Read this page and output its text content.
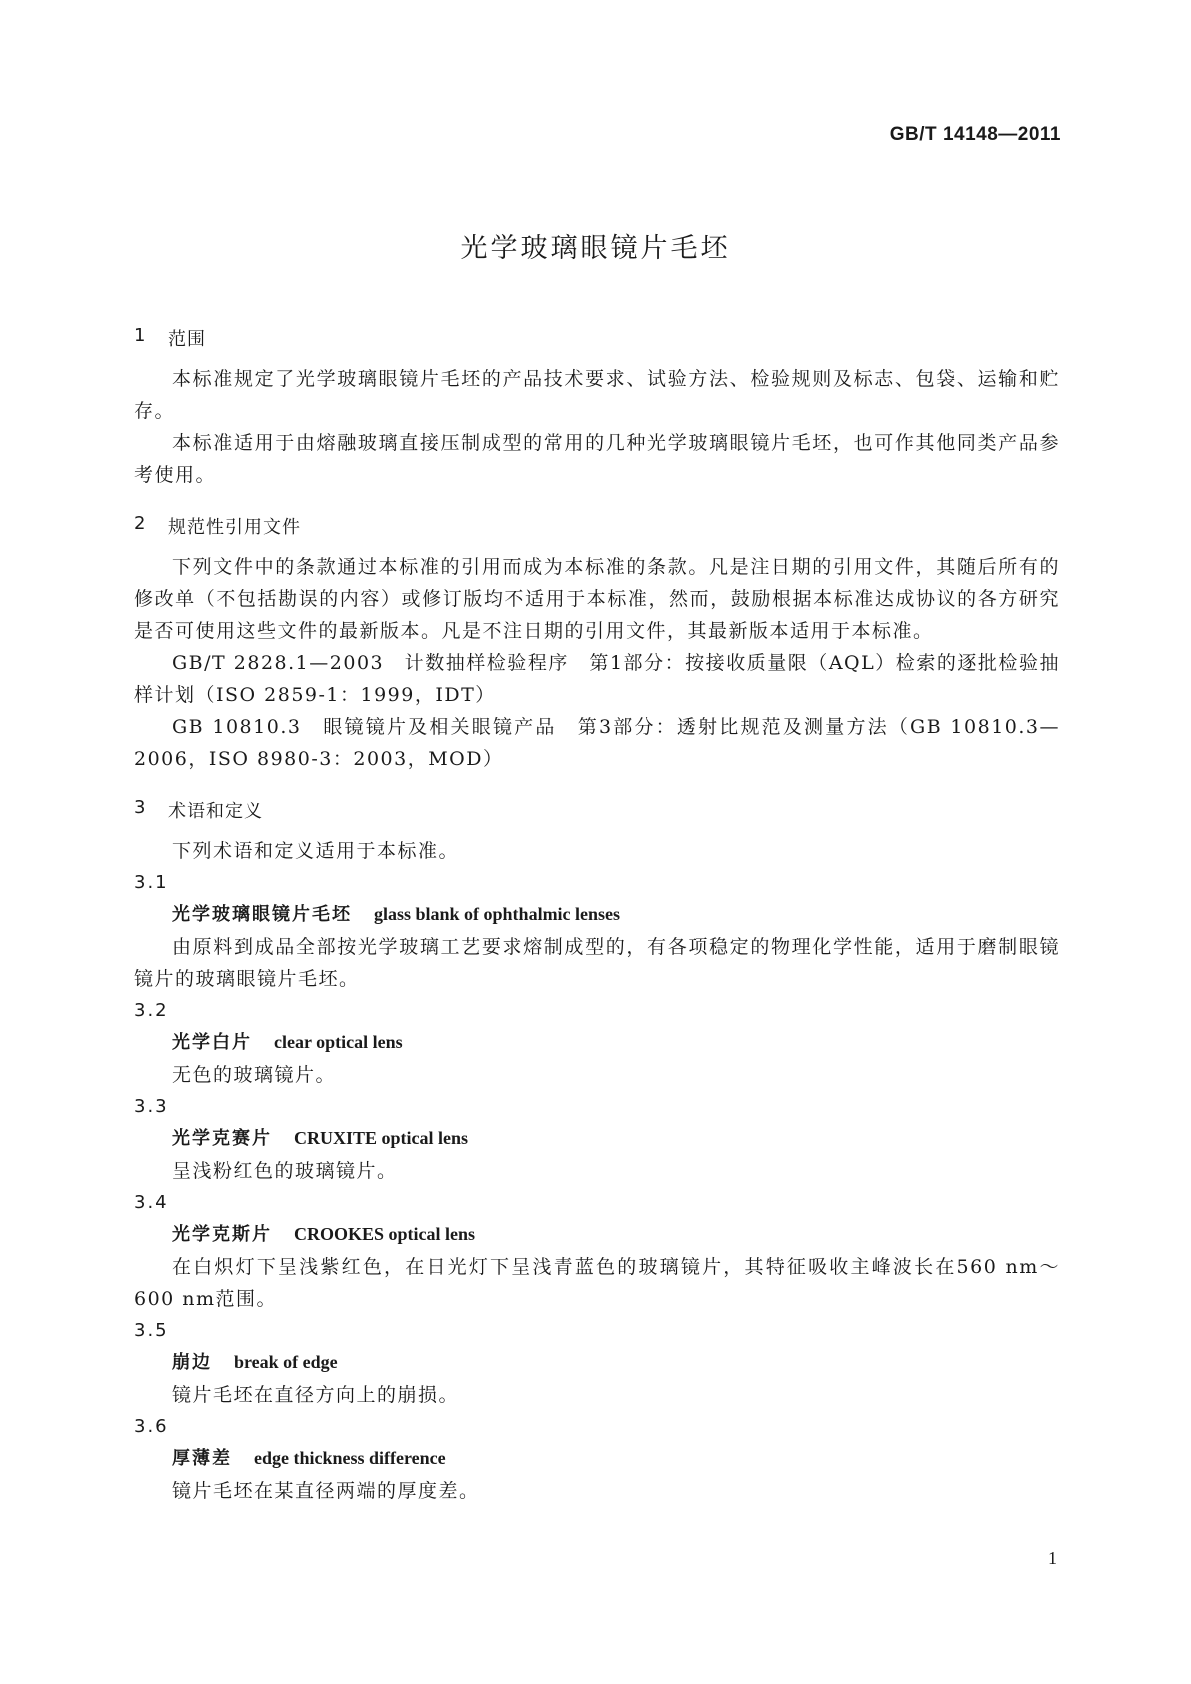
GB/T 14148—2011
光学玻璃眼镜片毛坯
1	范围

本标准规定了光学玻璃眼镜片毛坯的产品技术要求、试验方法、检验规则及标志、包袋、运输和贮存。

本标准适用于由熔融玻璃直接压制成型的常用的几种光学玻璃眼镜片毛坯，也可作其他同类产品参考使用。

2	规范性引用文件

下列文件中的条款通过本标准的引用而成为本标准的条款。凡是注日期的引用文件，其随后所有的修改单（不包括勘误的内容）或修订版均不适用于本标准，然而，鼓励根据本标准达成协议的各方研究是否可使用这些文件的最新版本。凡是不注日期的引用文件，其最新版本适用于本标准。

GB/T 2828.1—2003　计数抽样检验程序　第1部分：按接收质量限（AQL）检索的逐批检验抽样计划（ISO 2859-1：1999，IDT）

GB 10810.3　眼镜镜片及相关眼镜产品　第3部分：透射比规范及测量方法（GB 10810.3—2006，ISO 8980-3：2003，MOD）

3	术语和定义

下列术语和定义适用于本标准。

3.1
光学玻璃眼镜片毛坯 glass blank of ophthalmic lenses

由原料到成品全部按光学玻璃工艺要求熔制成型的，有各项稳定的物理化学性能，适用于磨制眼镜镜片的玻璃眼镜片毛坯。

3.2
光学白片 clear optical lens

无色的玻璃镜片。

3.3
光学克赛片 CRUXITE optical lens

呈浅粉红色的玻璃镜片。

3.4
光学克斯片 CROOKES optical lens

在白炽灯下呈浅紫红色，在日光灯下呈浅青蓝色的玻璃镜片，其特征吸收主峰波长在560 nm～600 nm范围。

3.5
崩边 break of edge

镜片毛坯在直径方向上的崩损。

3.6
厚薄差 edge thickness difference

镜片毛坯在某直径两端的厚度差。

1
